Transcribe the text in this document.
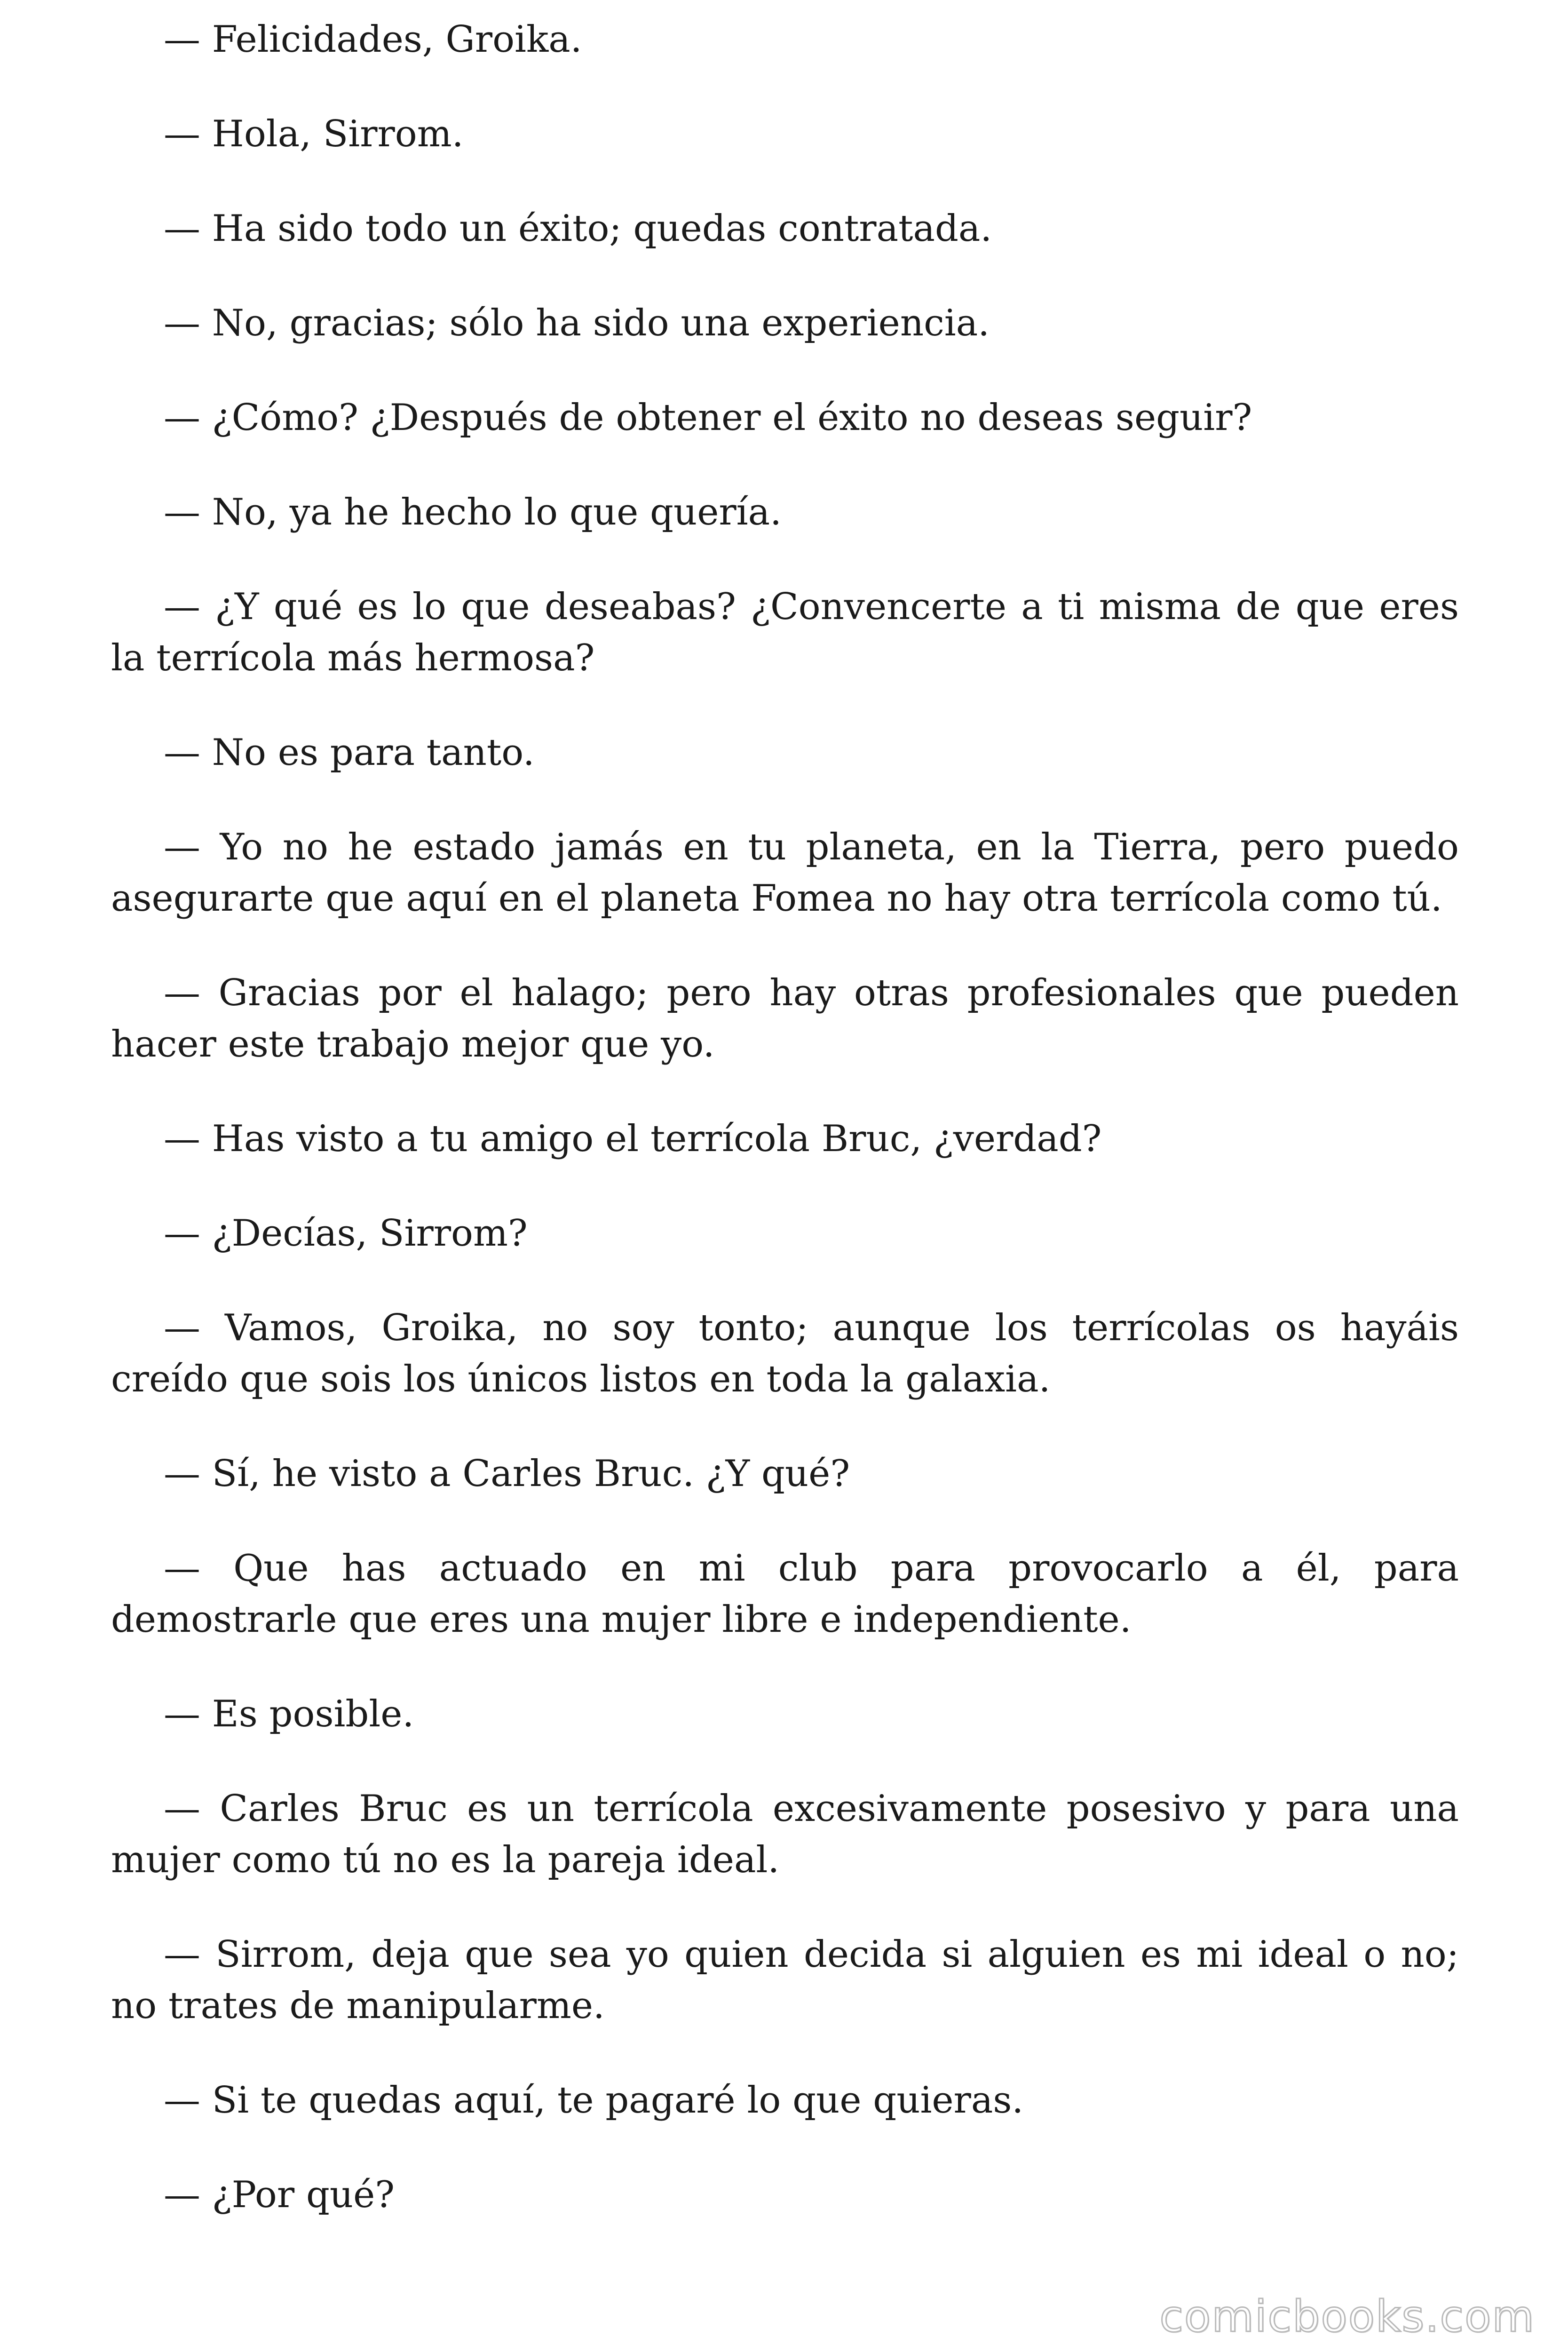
— Felicidades, Groika.

— Hola, Sirrom.

— Ha sido todo un éxito; quedas contratada.

— No, gracias; sólo ha sido una experiencia.

— ¿Cómo? ¿Después de obtener el éxito no deseas seguir?

— No, ya he hecho lo que quería.

— ¿Y qué es lo que deseabas? ¿Convencerte a ti misma de que eres la terrícola más hermosa?

— No es para tanto.

— Yo no he estado jamás en tu planeta, en la Tierra, pero puedo asegurarte que aquí en el planeta Fomea no hay otra terrícola como tú.

— Gracias por el halago; pero hay otras profesionales que pueden hacer este trabajo mejor que yo.

— Has visto a tu amigo el terrícola Bruc, ¿verdad?

— ¿Decías, Sirrom?

— Vamos, Groika, no soy tonto; aunque los terrícolas os hayáis creído que sois los únicos listos en toda la galaxia.

— Sí, he visto a Carles Bruc. ¿Y qué?

— Que has actuado en mi club para provocarlo a él, para demostrarle que eres una mujer libre e independiente.

— Es posible.

— Carles Bruc es un terrícola excesivamente posesivo y para una mujer como tú no es la pareja ideal.

— Sirrom, deja que sea yo quien decida si alguien es mi ideal o no; no trates de manipularme.

— Si te quedas aquí, te pagaré lo que quieras.

— ¿Por qué?

comicbooks.com
